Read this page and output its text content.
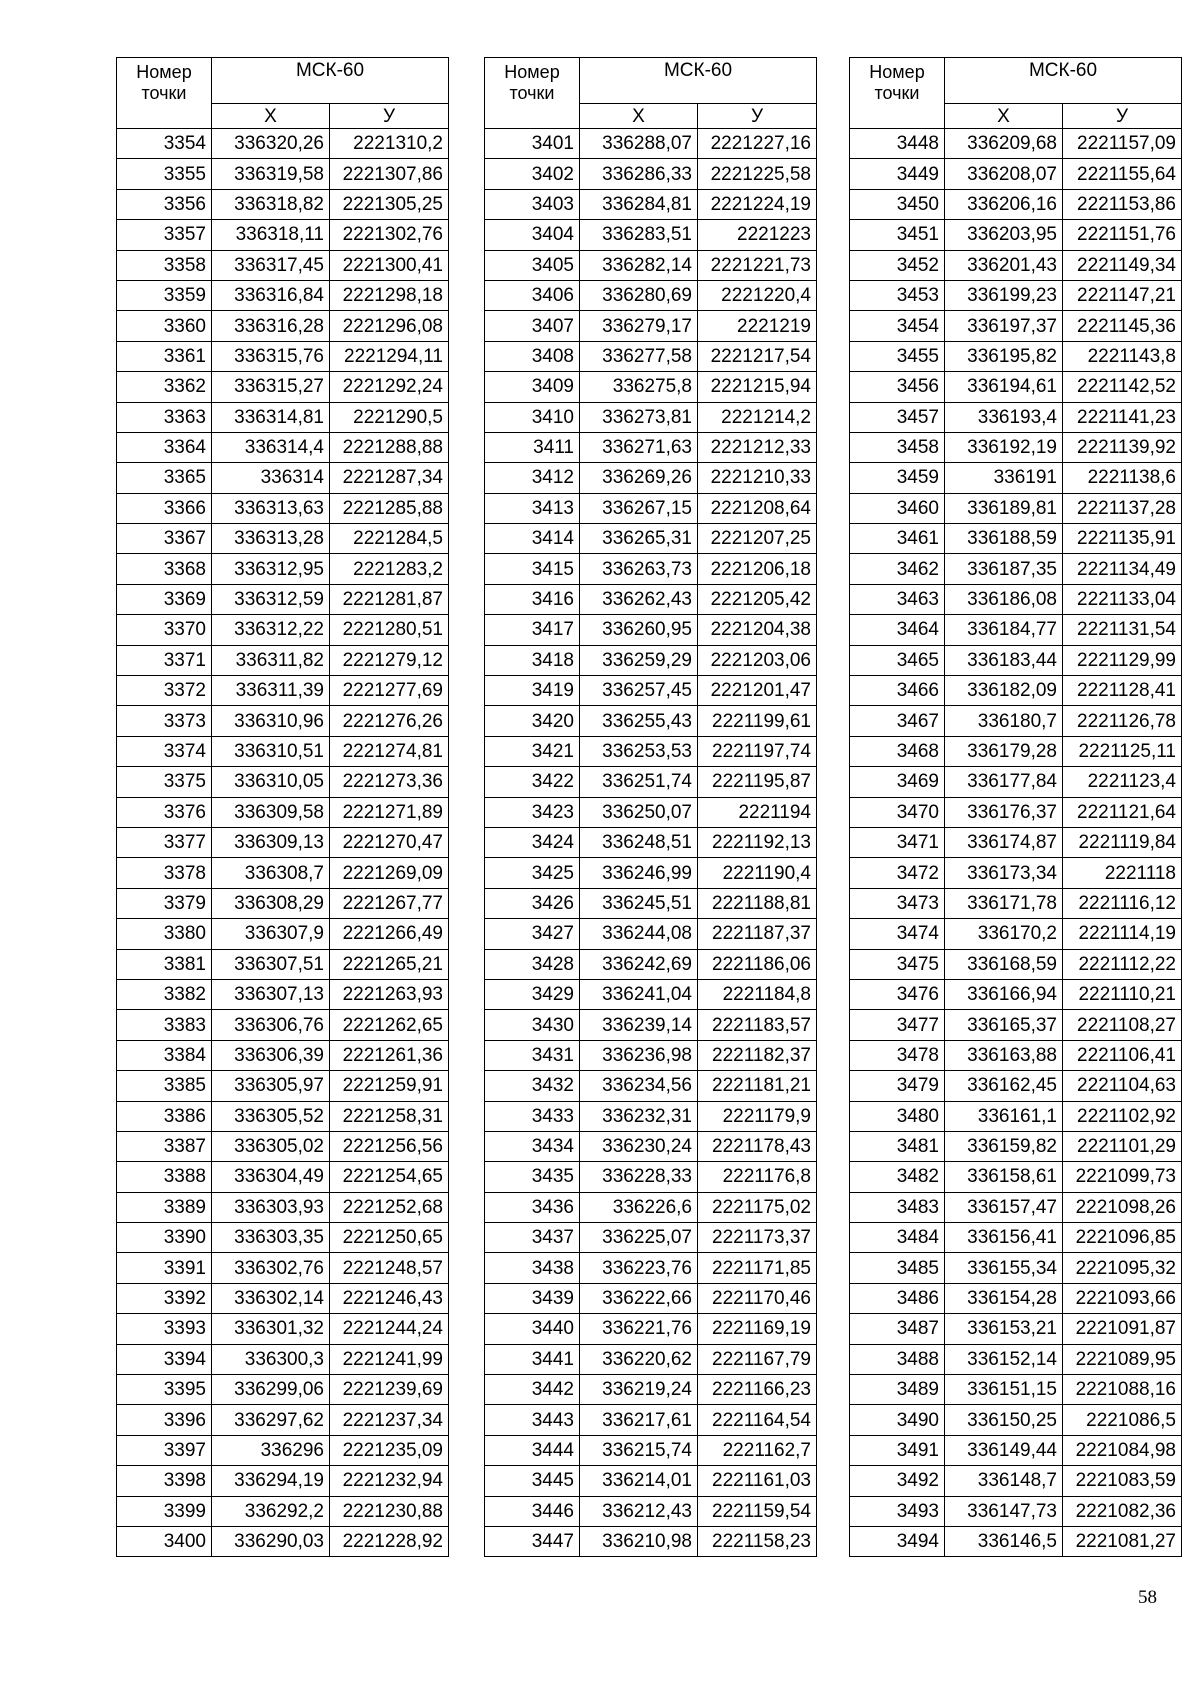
Номер точки	МСК-60	
	X	У
3354	336320,26	2221310,2
3355	336319,58	2221307,86
3356	336318,82	2221305,25
3357	336318,11	2221302,76
3358	336317,45	2221300,41
3359	336316,84	2221298,18
3360	336316,28	2221296,08
3361	336315,76	2221294,11
3362	336315,27	2221292,24
3363	336314,81	2221290,5
3364	336314,4	2221288,88
3365	336314	2221287,34
3366	336313,63	2221285,88
3367	336313,28	2221284,5
3368	336312,95	2221283,2
3369	336312,59	2221281,87
3370	336312,22	2221280,51
3371	336311,82	2221279,12
3372	336311,39	2221277,69
3373	336310,96	2221276,26
3374	336310,51	2221274,81
3375	336310,05	2221273,36
3376	336309,58	2221271,89
3377	336309,13	2221270,47
3378	336308,7	2221269,09
3379	336308,29	2221267,77
3380	336307,9	2221266,49
3381	336307,51	2221265,21
3382	336307,13	2221263,93
3383	336306,76	2221262,65
3384	336306,39	2221261,36
3385	336305,97	2221259,91
3386	336305,52	2221258,31
3387	336305,02	2221256,56
3388	336304,49	2221254,65
3389	336303,93	2221252,68
3390	336303,35	2221250,65
3391	336302,76	2221248,57
3392	336302,14	2221246,43
3393	336301,32	2221244,24
3394	336300,3	2221241,99
3395	336299,06	2221239,69
3396	336297,62	2221237,34
3397	336296	2221235,09
3398	336294,19	2221232,94
3399	336292,2	2221230,88
3400	336290,03	2221228,92
Номер точки	МСК-60	
	X	У
3401	336288,07	2221227,16
3402	336286,33	2221225,58
3403	336284,81	2221224,19
3404	336283,51	2221223
3405	336282,14	2221221,73
3406	336280,69	2221220,4
3407	336279,17	2221219
3408	336277,58	2221217,54
3409	336275,8	2221215,94
3410	336273,81	2221214,2
3411	336271,63	2221212,33
3412	336269,26	2221210,33
3413	336267,15	2221208,64
3414	336265,31	2221207,25
3415	336263,73	2221206,18
3416	336262,43	2221205,42
3417	336260,95	2221204,38
3418	336259,29	2221203,06
3419	336257,45	2221201,47
3420	336255,43	2221199,61
3421	336253,53	2221197,74
3422	336251,74	2221195,87
3423	336250,07	2221194
3424	336248,51	2221192,13
3425	336246,99	2221190,4
3426	336245,51	2221188,81
3427	336244,08	2221187,37
3428	336242,69	2221186,06
3429	336241,04	2221184,8
3430	336239,14	2221183,57
3431	336236,98	2221182,37
3432	336234,56	2221181,21
3433	336232,31	2221179,9
3434	336230,24	2221178,43
3435	336228,33	2221176,8
3436	336226,6	2221175,02
3437	336225,07	2221173,37
3438	336223,76	2221171,85
3439	336222,66	2221170,46
3440	336221,76	2221169,19
3441	336220,62	2221167,79
3442	336219,24	2221166,23
3443	336217,61	2221164,54
3444	336215,74	2221162,7
3445	336214,01	2221161,03
3446	336212,43	2221159,54
3447	336210,98	2221158,23
Номер точки	МСК-60	
	X	У
3448	336209,68	2221157,09
3449	336208,07	2221155,64
3450	336206,16	2221153,86
3451	336203,95	2221151,76
3452	336201,43	2221149,34
3453	336199,23	2221147,21
3454	336197,37	2221145,36
3455	336195,82	2221143,8
3456	336194,61	2221142,52
3457	336193,4	2221141,23
3458	336192,19	2221139,92
3459	336191	2221138,6
3460	336189,81	2221137,28
3461	336188,59	2221135,91
3462	336187,35	2221134,49
3463	336186,08	2221133,04
3464	336184,77	2221131,54
3465	336183,44	2221129,99
3466	336182,09	2221128,41
3467	336180,7	2221126,78
3468	336179,28	2221125,11
3469	336177,84	2221123,4
3470	336176,37	2221121,64
3471	336174,87	2221119,84
3472	336173,34	2221118
3473	336171,78	2221116,12
3474	336170,2	2221114,19
3475	336168,59	2221112,22
3476	336166,94	2221110,21
3477	336165,37	2221108,27
3478	336163,88	2221106,41
3479	336162,45	2221104,63
3480	336161,1	2221102,92
3481	336159,82	2221101,29
3482	336158,61	2221099,73
3483	336157,47	2221098,26
3484	336156,41	2221096,85
3485	336155,34	2221095,32
3486	336154,28	2221093,66
3487	336153,21	2221091,87
3488	336152,14	2221089,95
3489	336151,15	2221088,16
3490	336150,25	2221086,5
3491	336149,44	2221084,98
3492	336148,7	2221083,59
3493	336147,73	2221082,36
3494	336146,5	2221081,27
58
